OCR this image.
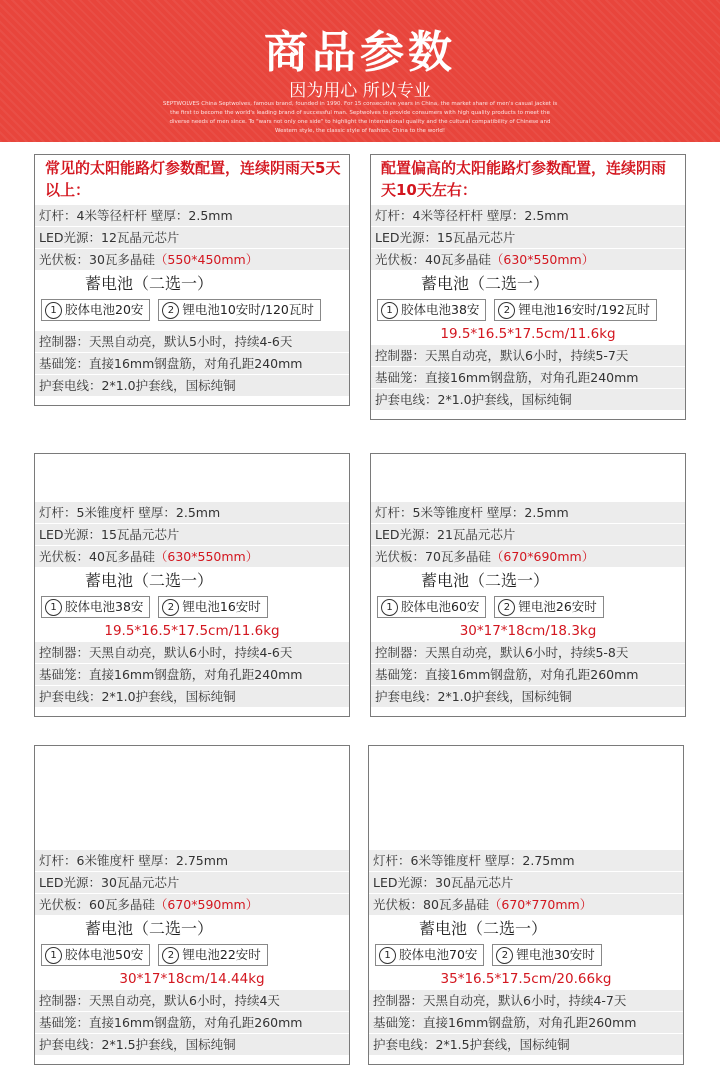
商品参数
因为用心 所以专业
SEPTWOLVES China Septwolves, famous brand, founded in 1990. For 15 consecutive years in China, the market share of men's casual jacket is the first to become the world's leading brand of successful man. Septwolves to provide consumers with high quality products to meet the diverse needs of men since. To "wars not only one side" to highlight the international quality and the cultural compatibility of Chinese and Western style, the classic style of fashion, China to the world!
常见的太阳能路灯参数配置，连续阴雨天5天以上：
灯杆：4米等径杆杆 壁厚：2.5mm
LED光源：12瓦晶元芯片
光伏板：30瓦多晶硅（550*450mm）
蓄电池（二选一）
1 胶体电池20安	2 锂电池10安时/120瓦时
控制器：天黑自动亮，默认5小时，持续4-6天
基础笼：直接16mm钢盘筋，对角孔距240mm
护套电线：2*1.0护套线，国标纯铜
配置偏高的太阳能路灯参数配置，连续阴雨天10天左右：
灯杆：4米等径杆杆 壁厚：2.5mm
LED光源：15瓦晶元芯片
光伏板：40瓦多晶硅（630*550mm）
蓄电池（二选一）
1 胶体电池38安	2 锂电池16安时/192瓦时
19.5*16.5*17.5cm/11.6kg
控制器：天黑自动亮，默认6小时，持续5-7天
基础笼：直接16mm钢盘筋，对角孔距240mm
护套电线：2*1.0护套线，国标纯铜
灯杆：5米锥度杆 壁厚：2.5mm
LED光源：15瓦晶元芯片
光伏板：40瓦多晶硅（630*550mm）
蓄电池（二选一）
1 胶体电池38安	2 锂电池16安时
19.5*16.5*17.5cm/11.6kg
控制器：天黑自动亮，默认6小时，持续4-6天
基础笼：直接16mm钢盘筋，对角孔距240mm
护套电线：2*1.0护套线，国标纯铜
灯杆：5米等锥度杆 壁厚：2.5mm
LED光源：21瓦晶元芯片
光伏板：70瓦多晶硅（670*690mm）
蓄电池（二选一）
1 胶体电池60安	2 锂电池26安时
30*17*18cm/18.3kg
控制器：天黑自动亮，默认6小时，持续5-8天
基础笼：直接16mm钢盘筋，对角孔距260mm
护套电线：2*1.0护套线，国标纯铜
灯杆：6米锥度杆 壁厚：2.75mm
LED光源：30瓦晶元芯片
光伏板：60瓦多晶硅（670*590mm）
蓄电池（二选一）
1 胶体电池50安	2 锂电池22安时
30*17*18cm/14.44kg
控制器：天黑自动亮，默认6小时，持续4天
基础笼：直接16mm钢盘筋，对角孔距260mm
护套电线：2*1.5护套线，国标纯铜
灯杆：6米等锥度杆 壁厚：2.75mm
LED光源：30瓦晶元芯片
光伏板：80瓦多晶硅（670*770mm）
蓄电池（二选一）
1 胶体电池70安	2 锂电池30安时
35*16.5*17.5cm/20.66kg
控制器：天黑自动亮，默认6小时，持续4-7天
基础笼：直接16mm钢盘筋，对角孔距260mm
护套电线：2*1.5护套线，国标纯铜
